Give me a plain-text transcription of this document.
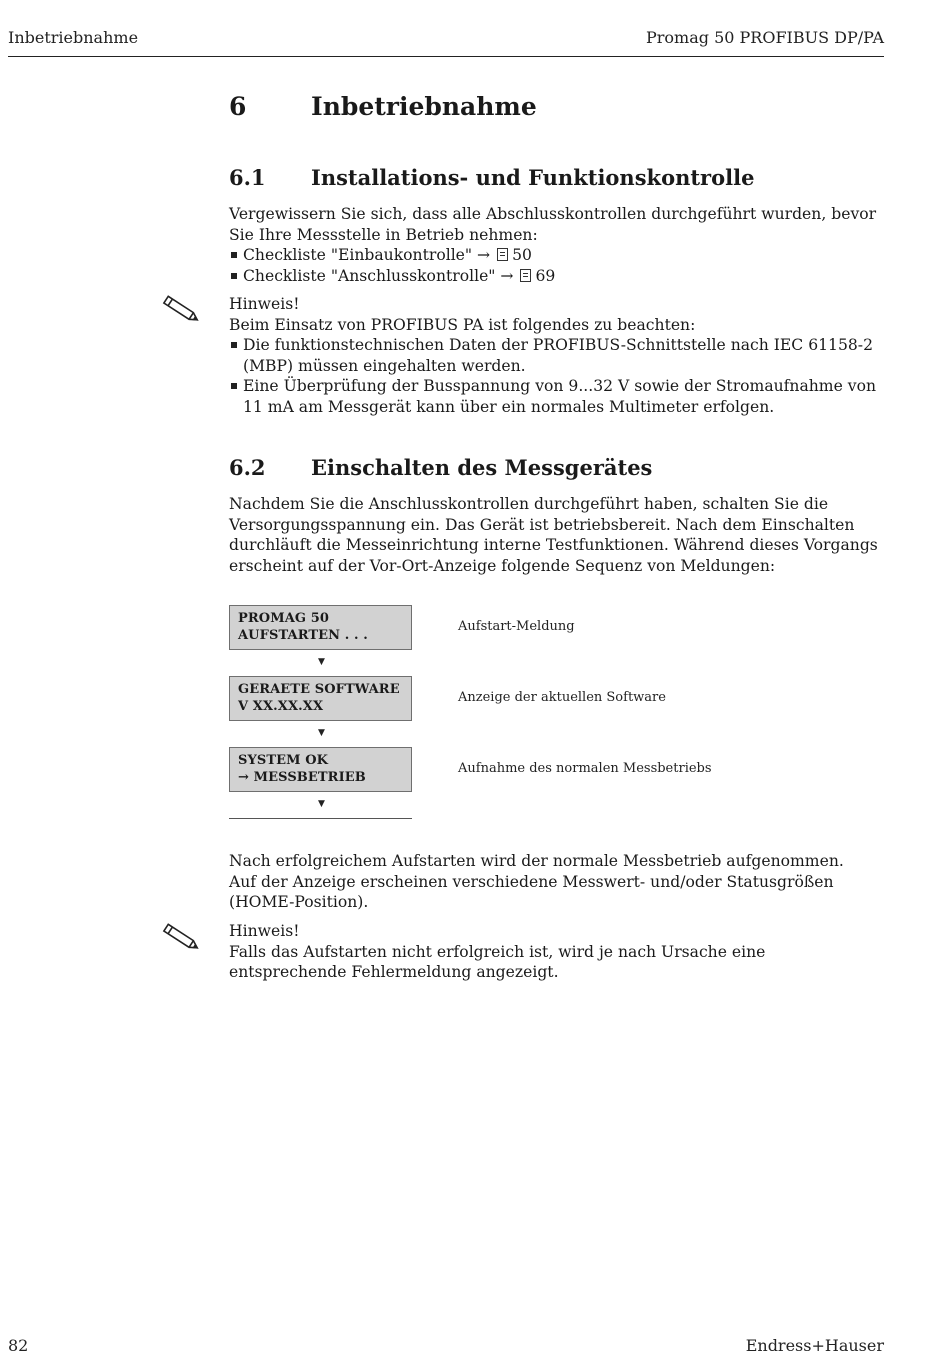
Inbetriebnahme	Promag 50 PROFIBUS DP/PA
6	Inbetriebnahme
6.1 Installations- und Funktionskontrolle

Vergewissern Sie sich, dass alle Abschlusskontrollen durchgeführt wurden, bevor Sie Ihre Messstelle in Betrieb nehmen:

Checkliste "Einbaukontrolle" → 50
Checkliste "Anschlusskontrolle" → 69

Hinweis!

Beim Einsatz von PROFIBUS PA ist folgendes zu beachten:

Die funktionstechnischen Daten der PROFIBUS-Schnittstelle nach IEC 61158-2 (MBP) müssen eingehalten werden.
Eine Überprüfung der Busspannung von 9...32 V sowie der Stromaufnahme von 11 mA am Messgerät kann über ein normales Multimeter erfolgen.
6.2 Einschalten des Messgerätes
Nachdem Sie die Anschlusskontrollen durchgeführt haben, schalten Sie die Versorgungsspannung ein. Das Gerät ist betriebsbereit. Nach dem Einschalten durchläuft die Messeinrichtung interne Testfunktionen. Während dieses Vorgangs erscheint auf der Vor-Ort-Anzeige folgende Sequenz von Meldungen:
PROMAG 50
AUFSTARTEN . . .
Aufstart-Meldung
▼
GERAETE SOFTWARE
V XX.XX.XX
Anzeige der aktuellen Software
▼
SYSTEM OK
→ MESSBETRIEB
Aufnahme des normalen Messbetriebs
▼

Nach erfolgreichem Aufstarten wird der normale Messbetrieb aufgenommen.

Auf der Anzeige erscheinen verschiedene Messwert- und/oder Statusgrößen (HOME-Position).

Hinweis!

Falls das Aufstarten nicht erfolgreich ist, wird je nach Ursache eine entsprechende Fehlermeldung angezeigt.

82	Endress+Hauser
